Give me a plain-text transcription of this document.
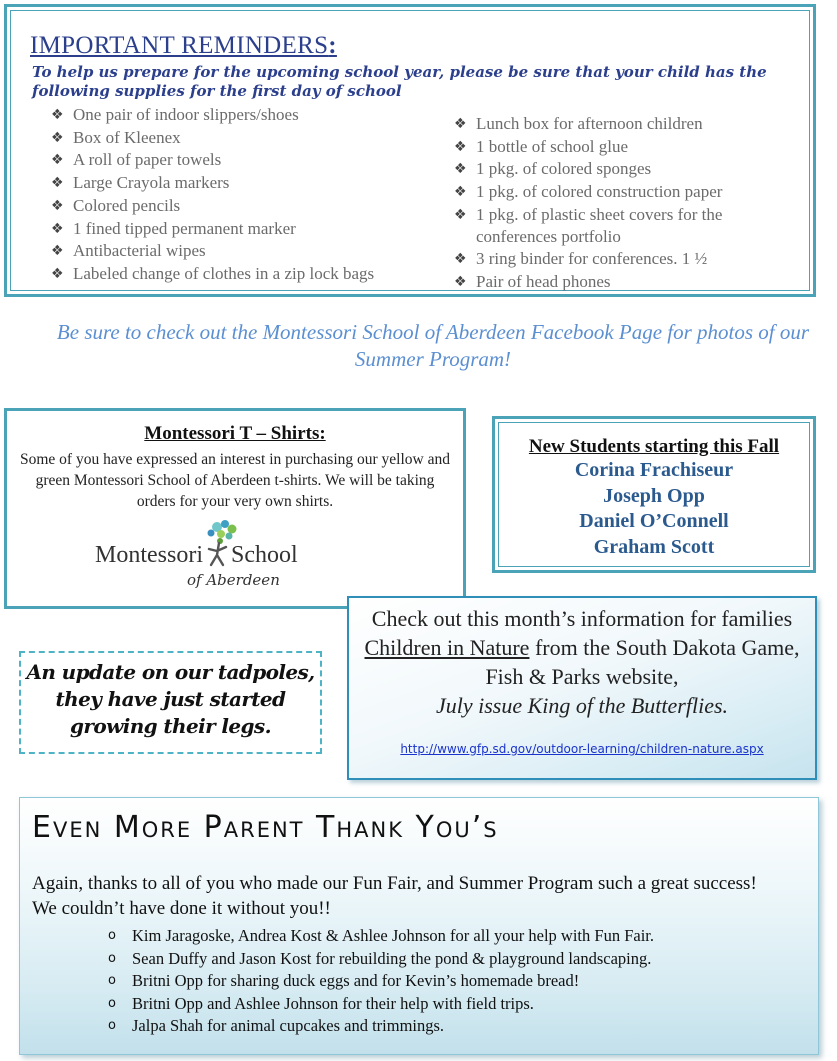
IMPORTANT REMINDERS:

To help us prepare for the upcoming school year, please be sure that your child has the following supplies for the first day of school

❖ One pair of indoor slippers/shoes
❖ Box of Kleenex
❖ A roll of paper towels
❖ Large Crayola markers
❖ Colored pencils
❖ 1 fined tipped permanent marker
❖ Antibacterial wipes
❖ Labeled change of clothes in a zip lock bags
❖ Lunch box for afternoon children
❖ 1 bottle of school glue
❖ 1 pkg. of colored sponges
❖ 1 pkg. of colored construction paper
❖ 1 pkg. of plastic sheet covers for the conferences portfolio
❖ 3 ring binder for conferences. 1 ½
❖ Pair of head phones

Be sure to check out the Montessori School of Aberdeen Facebook Page for photos of our Summer Program!

Montessori T – Shirts:

Some of you have expressed an interest in purchasing our yellow and green Montessori School of Aberdeen t-shirts. We will be taking orders for your very own shirts.

Montessori School
of Aberdeen
New Students starting this Fall

Corina Frachiseur

Joseph Opp

Daniel O’Connell

Graham Scott

An update on our tadpoles, they have just started growing their legs.

Check out this month’s information for families Children in Nature from the South Dakota Game, Fish & Parks website,
July issue King of the Butterflies.

http://www.gfp.sd.gov/outdoor-learning/children-nature.aspx
Even More Parent Thank You’s

Again, thanks to all of you who made our Fun Fair, and Summer Program such a great success! We couldn’t have done it without you!!

o Kim Jaragoske, Andrea Kost & Ashlee Johnson for all your help with Fun Fair.
o Sean Duffy and Jason Kost for rebuilding the pond & playground landscaping.
o Britni Opp for sharing duck eggs and for Kevin’s homemade bread!
o Britni Opp and Ashlee Johnson for their help with field trips.
o Jalpa Shah for animal cupcakes and trimmings.
